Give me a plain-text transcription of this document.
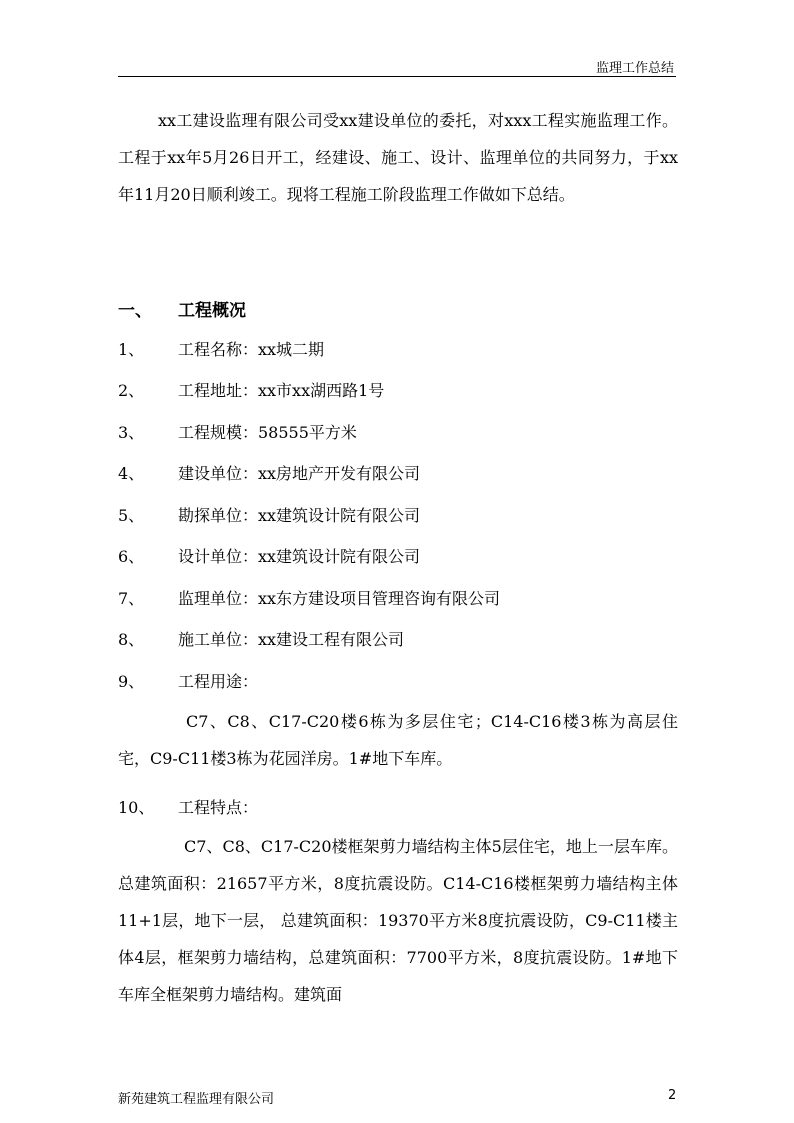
监理工作总结

xx工建设监理有限公司受xx建设单位的委托，对xxx工程实施监理工作。工程于xx年5月26日开工，经建设、施工、设计、监理单位的共同努力，于xx年11月20日顺利竣工。现将工程施工阶段监理工作做如下总结。

一、 工程概况
1、 工程名称：xx城二期
2、 工程地址：xx市xx湖西路1号
3、 工程规模：58555平方米
4、 建设单位：xx房地产开发有限公司
5、 勘探单位：xx建筑设计院有限公司
6、 设计单位：xx建筑设计院有限公司
7、 监理单位：xx东方建设项目管理咨询有限公司
8、 施工单位：xx建设工程有限公司
9、 工程用途：

C7、C8、C17-C20楼6栋为多层住宅；C14-C16楼3栋为高层住宅，C9-C11楼3栋为花园洋房。1#地下车库。

10、 工程特点：

C7、C8、C17-C20楼框架剪力墙结构主体5层住宅，地上一层车库。总建筑面积：21657平方米，8度抗震设防。C14-C16楼框架剪力墙结构主体11+1层，地下一层， 总建筑面积：19370平方米8度抗震设防，C9-C11楼主体4层，框架剪力墙结构，总建筑面积：7700平方米，8度抗震设防。1#地下车库全框架剪力墙结构。建筑面

新苑建筑工程监理有限公司	2
